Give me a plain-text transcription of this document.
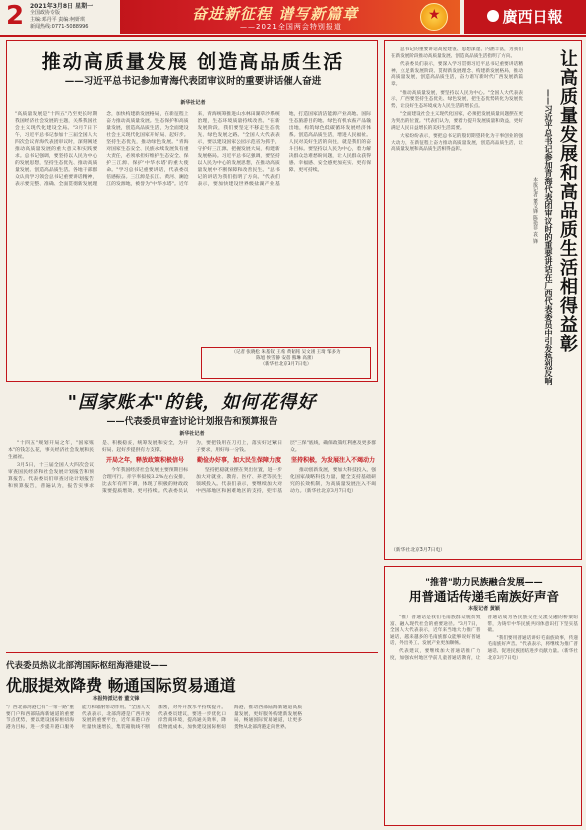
2 2021年3月8日 星期一
全国政协专版
主编:邓丹平 责编:柯妍琪
新闻热线:0771-5088996
奋进新征程 谱写新篇章
——2021全国两会特别报道
★
廣西日報
推动高质量发展 创造高品质生活
——习近平总书记参加青海代表团审议时的重要讲话催人奋进
新华社记者
"高质量发展是"十四五"乃至更长时期我国经济社会发展的主题，关系我国社会主义现代化建设全局。"3月7日下午，习近平总书记参加十三届全国人大四次会议青海代表团审议时，深刻阐述推动高质量发展的重大意义和实践要求。总书记强调，要坚持以人民为中心的发展思想，坚持生态优先、推动高质量发展、创造高品质生活。各地干部群众认真学习领会总书记重要讲话精神，表示要完整、准确、全面贯彻新发展理念，加快构建新发展格局，在新征程上奋力推动高质量发展。生态保护和高质量发展，创造高品质生活，为全面建设社会主义现代化国家开好局、起好步。坚持生态优先，推动绿色发展。"青海对国家生态安全、民族永续发展负有重大责任，必须承担好维护生态安全、保护三江源、保护'中华水塔'的重大使命。"学习总书记重要讲话，代表委员倍感振奋。三江源是长江、黄河、澜沧江的发源地，被誉为"中华水塔"。近年来，青海统筹推进山水林田湖草沙系统治理，生态环境质量持续改善。"在新发展阶段，我们要坚定不移走生态优先、绿色发展之路。"全国人大代表表示，要以建设国家公园示范省为抓手，守护好三江源。把握发展大局，构建新发展格局。习近平总书记强调，要坚持以人民为中心的发展思想，在推动高质量发展中不断保障和改善民生。"总书记的讲话为我们指明了方向。"代表们表示，要加快建设世界级盐湖产业基地，打造国家清洁能源产业高地、国际生态旅游目的地、绿色有机农畜产品输出地，构筑绿色低碳循环发展经济体系。创造高品质生活，增进人民福祉。人民对美好生活的向往，就是我们的奋斗目标。要坚持以人民为中心，着力解决群众急难愁盼问题，让人民群众获得感、幸福感、安全感更加充实、更有保障、更可持续。
（记者 张晓松 朱基钗 王希 黄韬铭 吴文诩 王琦 邹多为
陈旭 侯雪静 安蓓 熊琳 高蕾）
（新华社北京3月7日电）
让高质量发展和高品质生活相得益彰
——习近平总书记参加青海代表团审议时的重要讲话在广西代表委员中引发热烈反响
本报记者 董文锋 陈艳菲 袁 锋

总书记的重要讲话高屋建瓴、思想深邃、内涵丰富，为我们在新发展阶段推动高质量发展、创造高品质生活指明了方向。

代表委员们表示，要深入学习贯彻习近平总书记重要讲话精神，立足新发展阶段、贯彻新发展理念、构建新发展格局，推动高质量发展，创造高品质生活，奋力谱写新时代广西发展新篇章。

"推动高质量发展，要坚持以人民为中心。"全国人大代表表示，广西要坚持生态优先、绿色发展，把生态优势转化为发展优势，让良好生态环境成为人民生活的增长点。

"全面建设社会主义现代化国家，必须把发展质量问题摆在更为突出的位置。"代表们认为，要着力提升发展质量和效益，更好满足人民日益增长的美好生活需要。

大家纷纷表示，要把总书记的殷切期望转化为干事创业的强大动力，在新征程上奋力推动高质量发展，创造高品质生活，让高质量发展和高品质生活相得益彰。

（新华社北京3月7日电）
"国家账本"的钱，如何花得好
——代表委员审查讨论计划报告和预算报告
新华社记者

"十四五"规划开局之年，"国家账本"的钱怎么花，事关经济社会发展和民生福祉。

3月5日，十三届全国人大四次会议审查国民经济和社会发展计划报告和预算报告。代表委员们审查讨论计划报告和预算报告，普遍认为，报告实事求是、积极稳妥，统筹发展和安全，为开好局、起好步提供有力支撑。

开局之年，释放政策积极信号

今年我国经济社会发展主要预期目标合理可行。赤字率拟按3.2%左右安排，比去年有所下调，体现了积极的财政政策要提质增效、更可持续。代表委员认为，要把钱用在刀刃上，落实好过紧日子要求，用好每一分钱。

勤俭办好事，加大民生保障力度

坚持把稳就业摆在突出位置，进一步加大对就业、教育、医疗、养老等民生领域投入。代表们表示，要继续加大对中西部地区和困难地区的支持，兜牢基层"三保"底线，确保政策红利惠及更多群众。

坚持积极，为发展注入不竭动力

推动创新发展，要加大科技投入，强化国家战略科技力量，健全支持基础研究的长效机制，为高质量发展注入不竭动力。（新华社北京3月7日电）

代表委员热议北部湾国际枢纽海港建设——
优服提效降费 畅通国际贸易通道
本报特派记者 董文锋
"广西北部湾港已有"一带一路"重要门户和西部陆海新通道的重要节点优势，要以建设国际枢纽海港为目标，进一步提升港口服务能力和辐射带动作用。"全国人大代表表示，北部湾港是广西开放发展的重要平台，近年来港口吞吐量快速增长，集装箱航线不断加密，对外开放水平持续提升。代表委员建议，要进一步优化口岸营商环境，提高通关效率，降低物流成本，加快建设国际枢纽海港，推动西部陆海新通道高质量发展，更好服务构建新发展格局，畅通国际贸易通道，让更多货物从北部湾港走向世界。
"推普"助力民族融合发展——
用普通话传递毛南族好声音
本报记者 黄颖

"推广普通话是我们毛南族群众脱贫致富、融入现代社会的重要途径。"3月7日，全国人大代表表示，近年来当地大力推广普通话，越来越多的毛南族群众能够说好普通话，外出务工、发展产业更加顺畅。

代表建议，要继续加大普通话推广力度，加强农村地区学前儿童普通话教育，让普通话成为各民族交往交流交融的桥梁纽带，为铸牢中华民族共同体意识打下坚实基础。

"我们要用普通话讲好毛南族故事，传递毛南族好声音。"代表表示，将继续为推广普通话、促进民族团结进步贡献力量。（新华社北京3月7日电）
